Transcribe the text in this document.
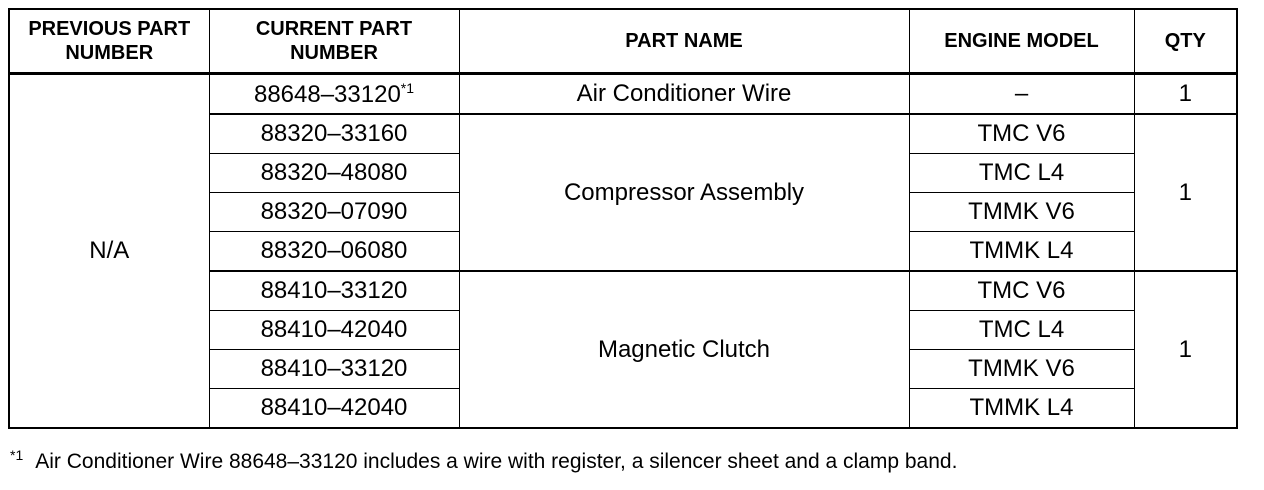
PREVIOUS PART NUMBER	CURRENT PART NUMBER	PART NAME	ENGINE MODEL	QTY
N/A	88648–33120$^{*1}$	Air Conditioner Wire	–	1
	88320–33160	Compressor Assembly	TMC V6	1
	88320–48080		TMC L4	
	88320–07090		TMMK V6	
	88320–06080		TMMK L4	
	88410–33120	Magnetic Clutch	TMC V6	1
	88410–42040		TMC L4	
	88410–33120		TMMK V6	
	88410–42040		TMMK L4	
$^{*1}$ Air Conditioner Wire 88648–33120 includes a wire with register, a silencer sheet and a clamp band.
